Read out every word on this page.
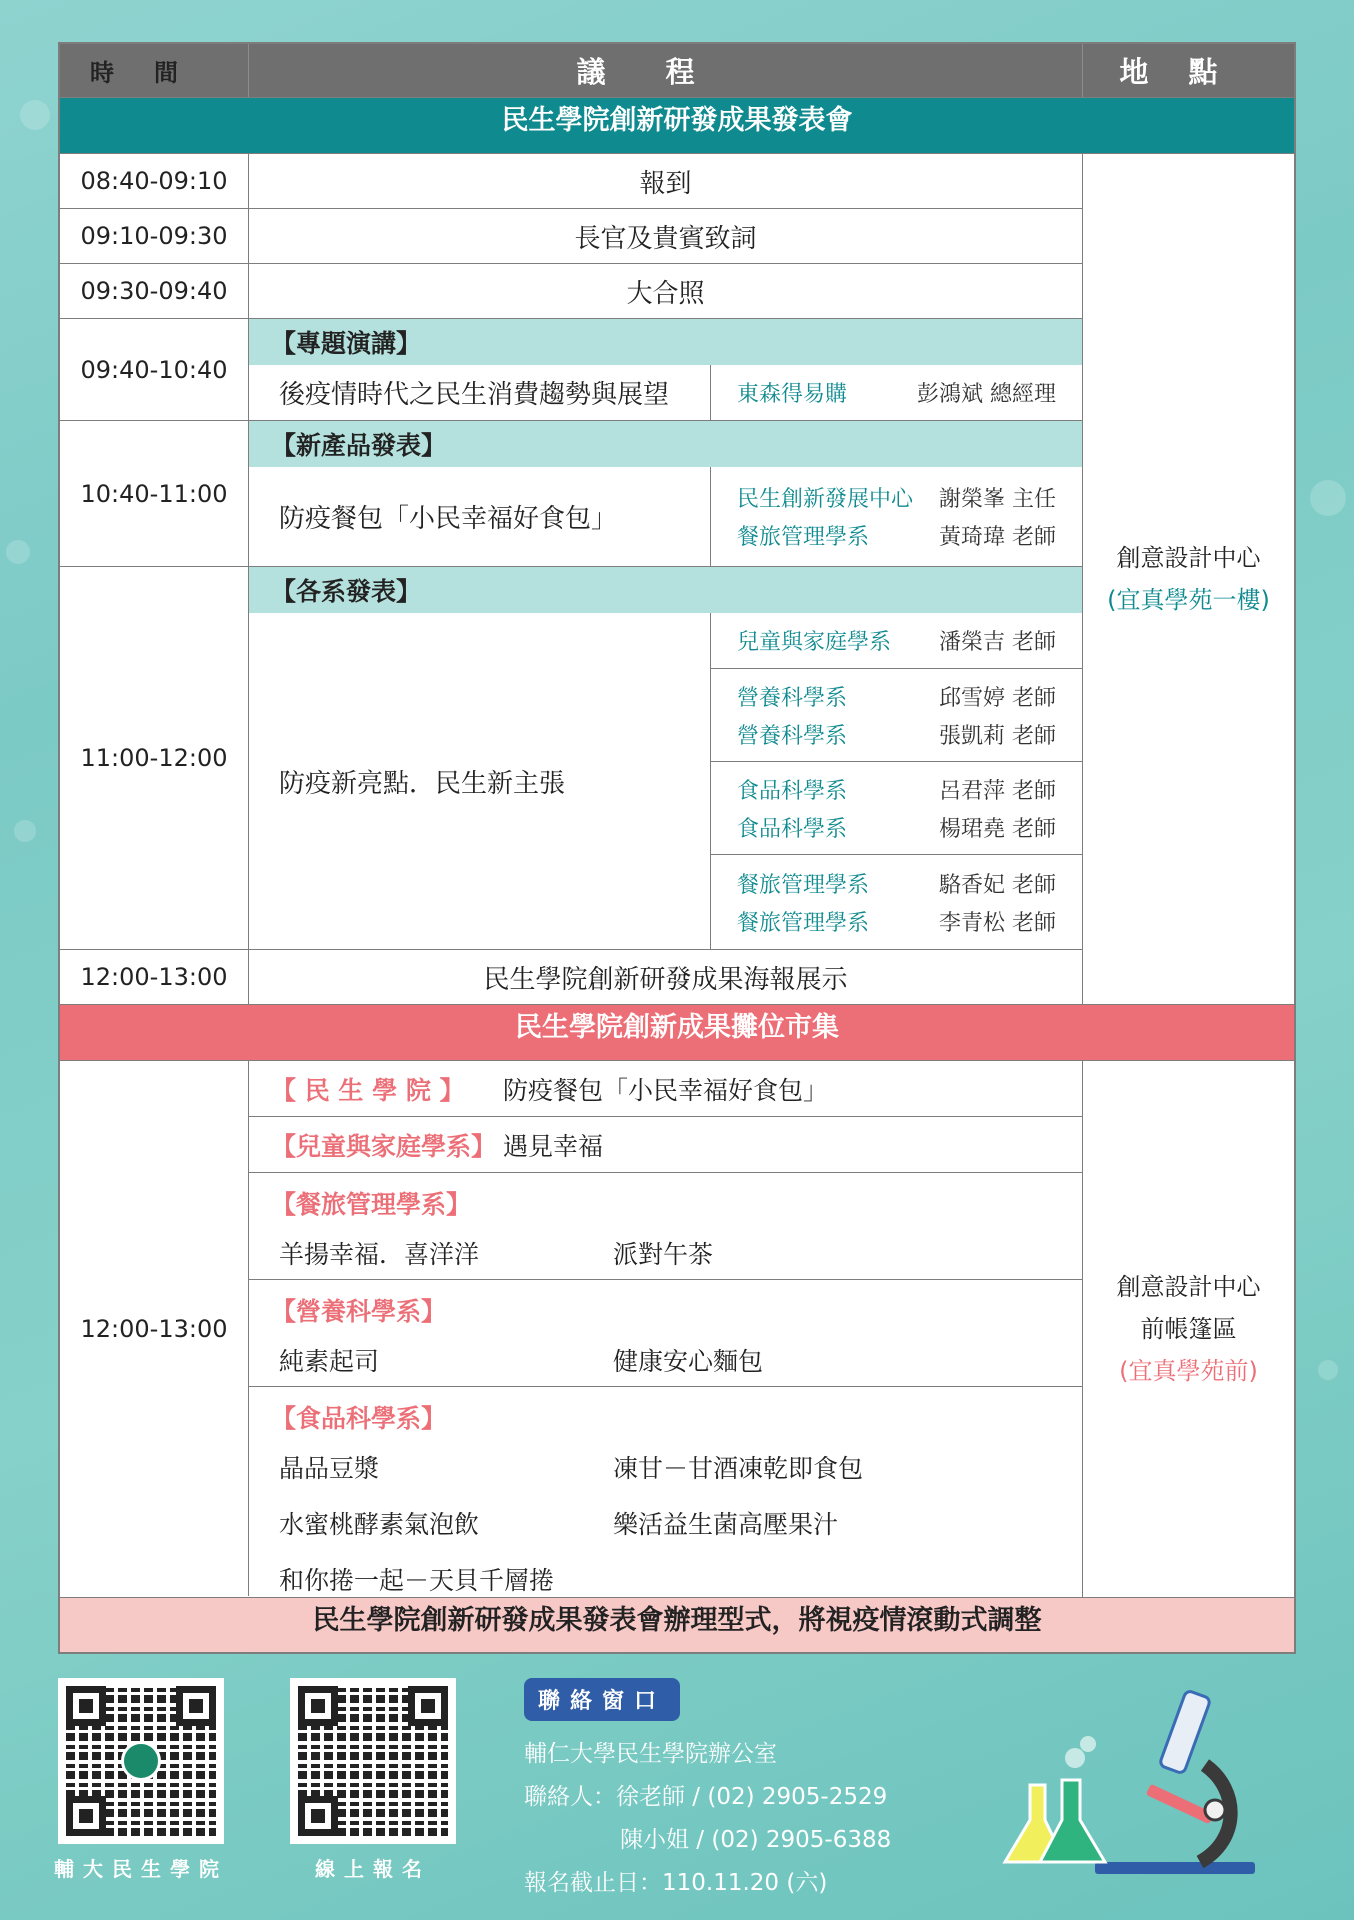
時間	議程	地點
民生學院創新研發成果發表會
08:40-09:10	報到
09:10-09:30	長官及貴賓致詞
09:30-09:40	大合照
09:40-10:40
【專題演講】
後疫情時代之民生消費趨勢與展望	東森得易購	彭鴻斌 總經理
10:40-11:00
【新產品發表】
防疫餐包「小民幸福好食包」
民生創新發展中心	謝榮峯 主任
餐旅管理學系	黃琦瑋 老師
11:00-12:00
【各系發表】
防疫新亮點．民生新主張
兒童與家庭學系	潘榮吉 老師
營養科學系	邱雪婷 老師
營養科學系	張凱莉 老師
食品科學系	呂君萍 老師
食品科學系	楊珺堯 老師
餐旅管理學系	駱香妃 老師
餐旅管理學系	李青松 老師
12:00-13:00	民生學院創新研發成果海報展示
創意設計中心
(宜真學苑一樓)
民生學院創新成果攤位市集
12:00-13:00
【 民 生 學 院 】	防疫餐包「小民幸福好食包」
【兒童與家庭學系】 遇見幸福
【餐旅管理學系】
羊揚幸福．喜洋洋	派對午茶
【營養科學系】
純素起司	健康安心麵包
【食品科學系】
晶品豆漿	凍甘－甘酒凍乾即食包
水蜜桃酵素氣泡飲	樂活益生菌高壓果汁
和你捲一起－天貝千層捲
創意設計中心
前帳篷區
(宜真學苑前)
民生學院創新研發成果發表會辦理型式，將視疫情滾動式調整
輔大民生學院	線上報名
聯絡窗口
輔仁大學民生學院辦公室
聯絡人：徐老師 / (02) 2905-2529
陳小姐 / (02) 2905-6388
報名截止日：110.11.20 (六)
